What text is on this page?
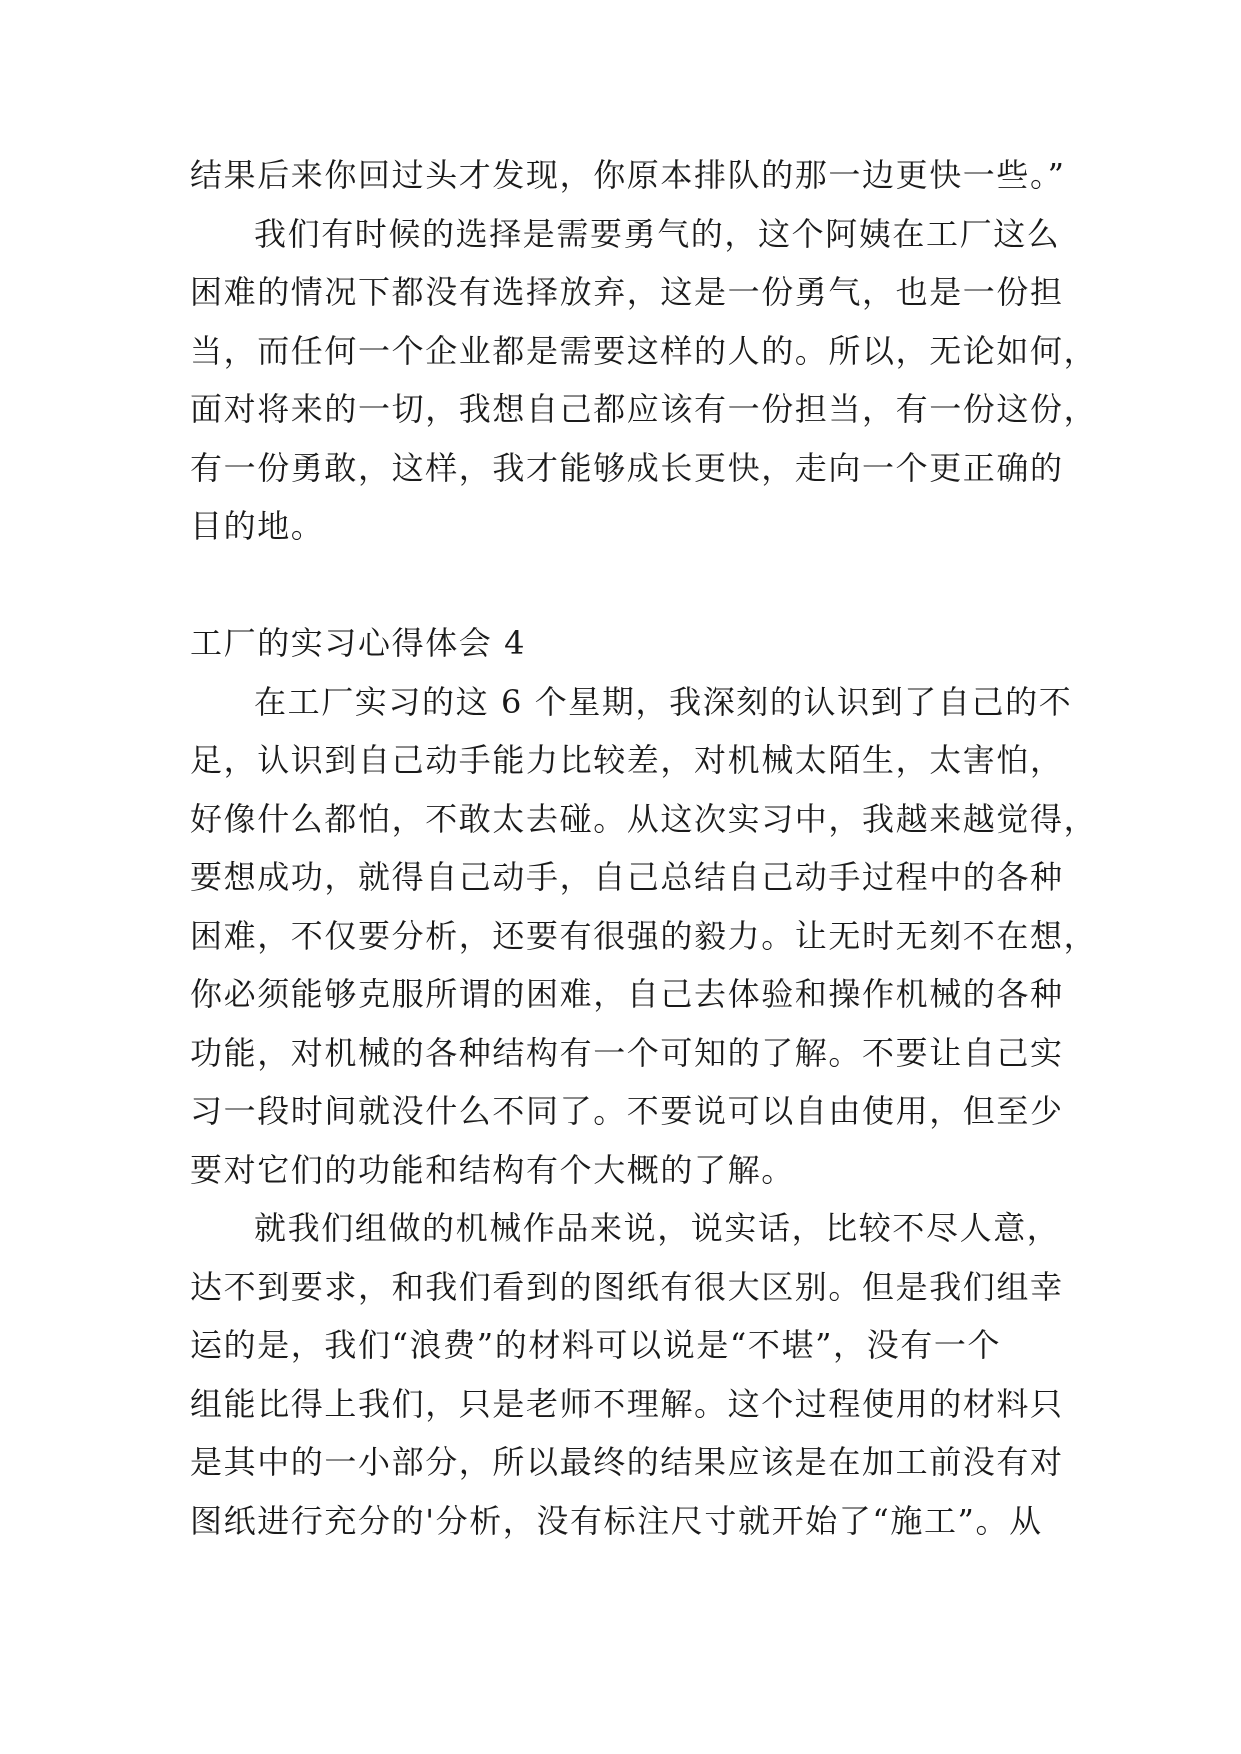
结果后来你回过头才发现，你原本排队的那一边更快一些。”
我们有时候的选择是需要勇气的，这个阿姨在工厂这么
困难的情况下都没有选择放弃，这是一份勇气，也是一份担
当，而任何一个企业都是需要这样的人的。所以，无论如何，
面对将来的一切，我想自己都应该有一份担当，有一份这份，
有一份勇敢，这样，我才能够成长更快，走向一个更正确的
目的地。
工厂的实习心得体会 4
在工厂实习的这 6 个星期，我深刻的认识到了自己的不
足，认识到自己动手能力比较差，对机械太陌生，太害怕，
好像什么都怕，不敢太去碰。从这次实习中，我越来越觉得，
要想成功，就得自己动手，自己总结自己动手过程中的各种
困难，不仅要分析，还要有很强的毅力。让无时无刻不在想，
你必须能够克服所谓的困难，自己去体验和操作机械的各种
功能，对机械的各种结构有一个可知的了解。不要让自己实
习一段时间就没什么不同了。不要说可以自由使用，但至少
要对它们的功能和结构有个大概的了解。
就我们组做的机械作品来说，说实话，比较不尽人意，
达不到要求，和我们看到的图纸有很大区别。但是我们组幸
运的是，我们“浪费”的材料可以说是“不堪”，没有一个
组能比得上我们，只是老师不理解。这个过程使用的材料只
是其中的一小部分，所以最终的结果应该是在加工前没有对
图纸进行充分的'分析，没有标注尺寸就开始了“施工”。从
